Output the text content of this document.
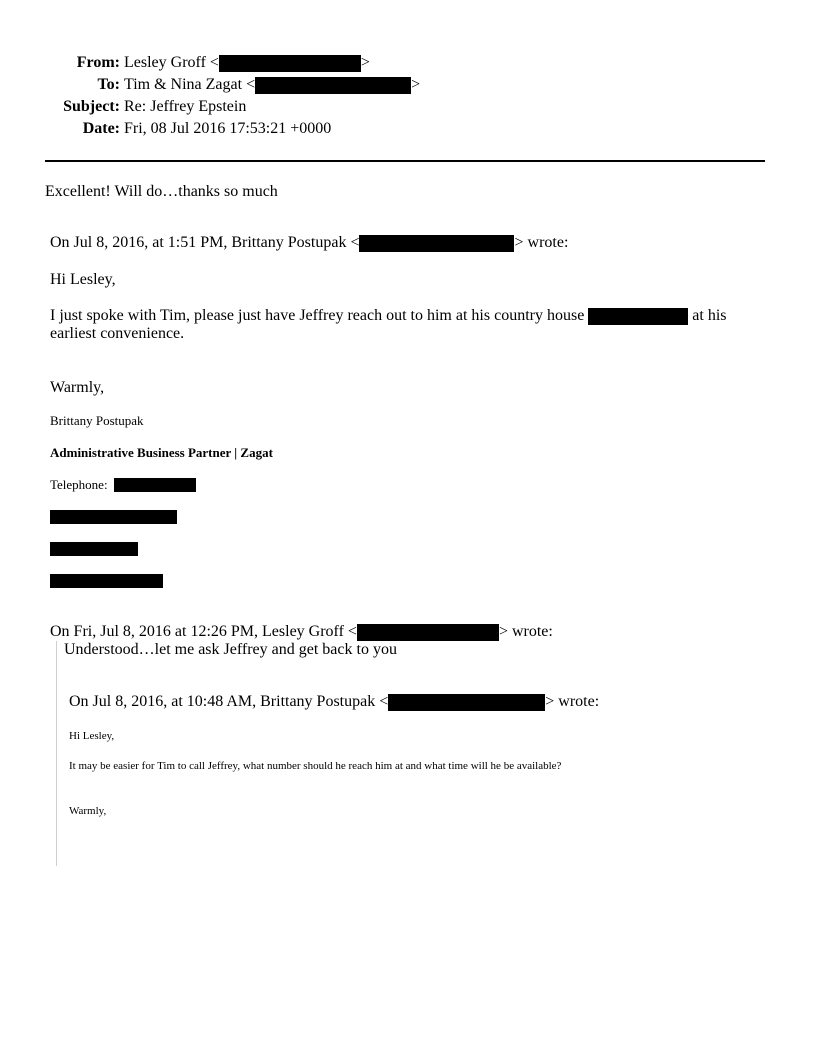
From: Lesley Groff <	>
To: Tim & Nina Zagat <	>
Subject: Re: Jeffrey Epstein
Date: Fri, 08 Jul 2016 17:53:21 +0000
Excellent! Will do…thanks so much
On Jul 8, 2016, at 1:51 PM, Brittany Postupak <	> wrote:
Hi Lesley,
I just spoke with Tim, please just have Jeffrey reach out to him at his country house	at his
earliest convenience.
Warmly,
Brittany Postupak
Administrative Business Partner | Zagat
Telephone:
On Fri, Jul 8, 2016 at 12:26 PM, Lesley Groff <	> wrote:
Understood…let me ask Jeffrey and get back to you
On Jul 8, 2016, at 10:48 AM, Brittany Postupak <	> wrote:
Hi Lesley,
It may be easier for Tim to call Jeffrey, what number should he reach him at and what time will he be available?
Warmly,
